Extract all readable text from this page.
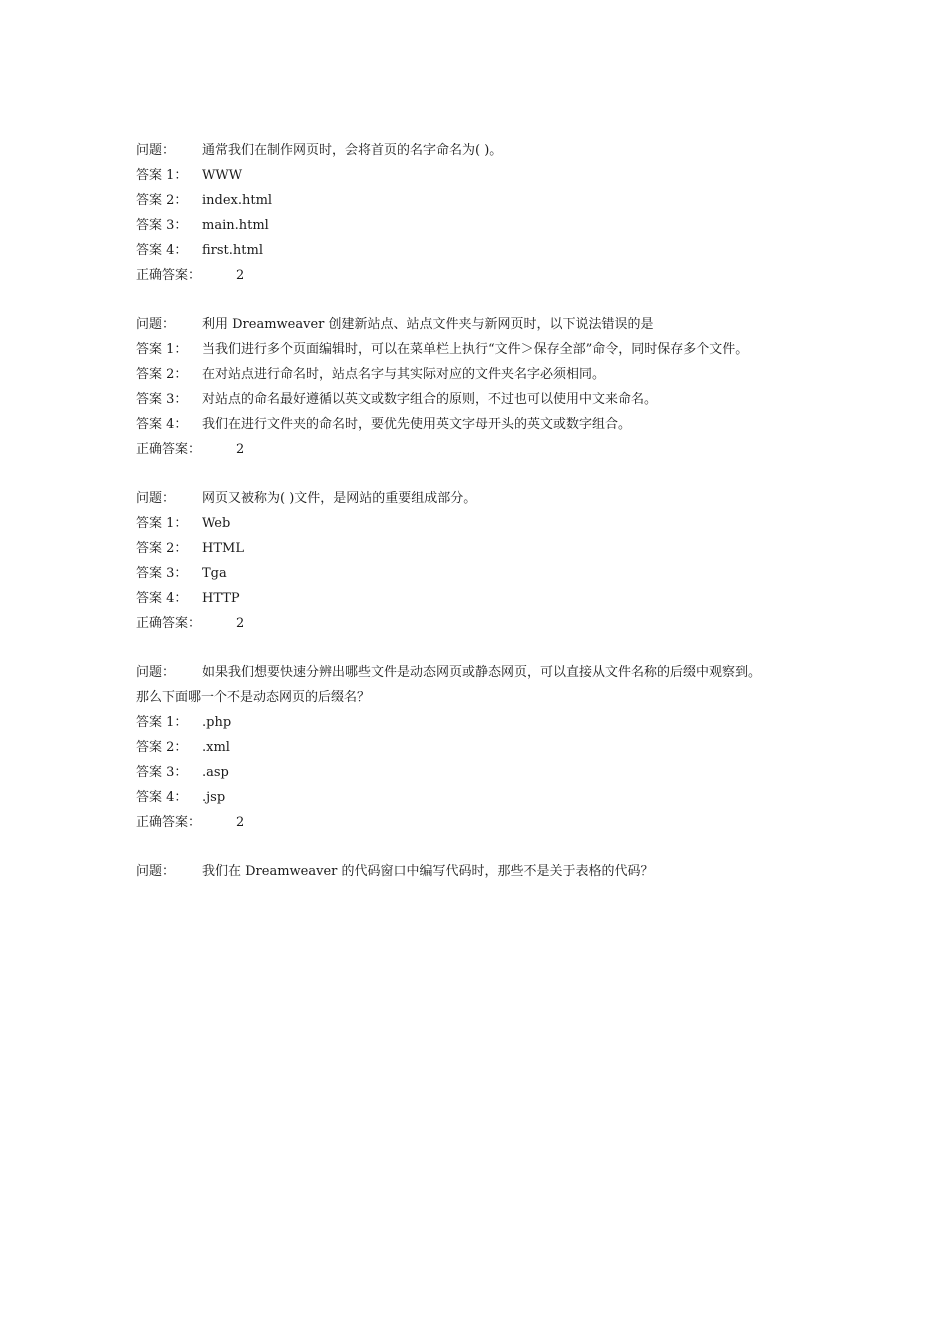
问题： 通常我们在制作网页时，会将首页的名字命名为( )。
答案 1： WWW
答案 2： index.html
答案 3： main.html
答案 4： first.html
正确答案：	2
问题： 利用 Dreamweaver 创建新站点、站点文件夹与新网页时，以下说法错误的是
答案 1： 当我们进行多个页面编辑时，可以在菜单栏上执行“文件＞保存全部”命令，同时保存多个文件。
答案 2： 在对站点进行命名时，站点名字与其实际对应的文件夹名字必须相同。
答案 3： 对站点的命名最好遵循以英文或数字组合的原则，不过也可以使用中文来命名。
答案 4： 我们在进行文件夹的命名时，要优先使用英文字母开头的英文或数字组合。
正确答案：	2
问题： 网页又被称为( )文件，是网站的重要组成部分。
答案 1： Web
答案 2： HTML
答案 3： Tga
答案 4： HTTP
正确答案：	2
问题： 如果我们想要快速分辨出哪些文件是动态网页或静态网页，可以直接从文件名称的后缀中观察到。
那么下面哪一个不是动态网页的后缀名？
答案 1： .php
答案 2： .xml
答案 3： .asp
答案 4： .jsp
正确答案：	2
问题： 我们在 Dreamweaver 的代码窗口中编写代码时，那些不是关于表格的代码？
